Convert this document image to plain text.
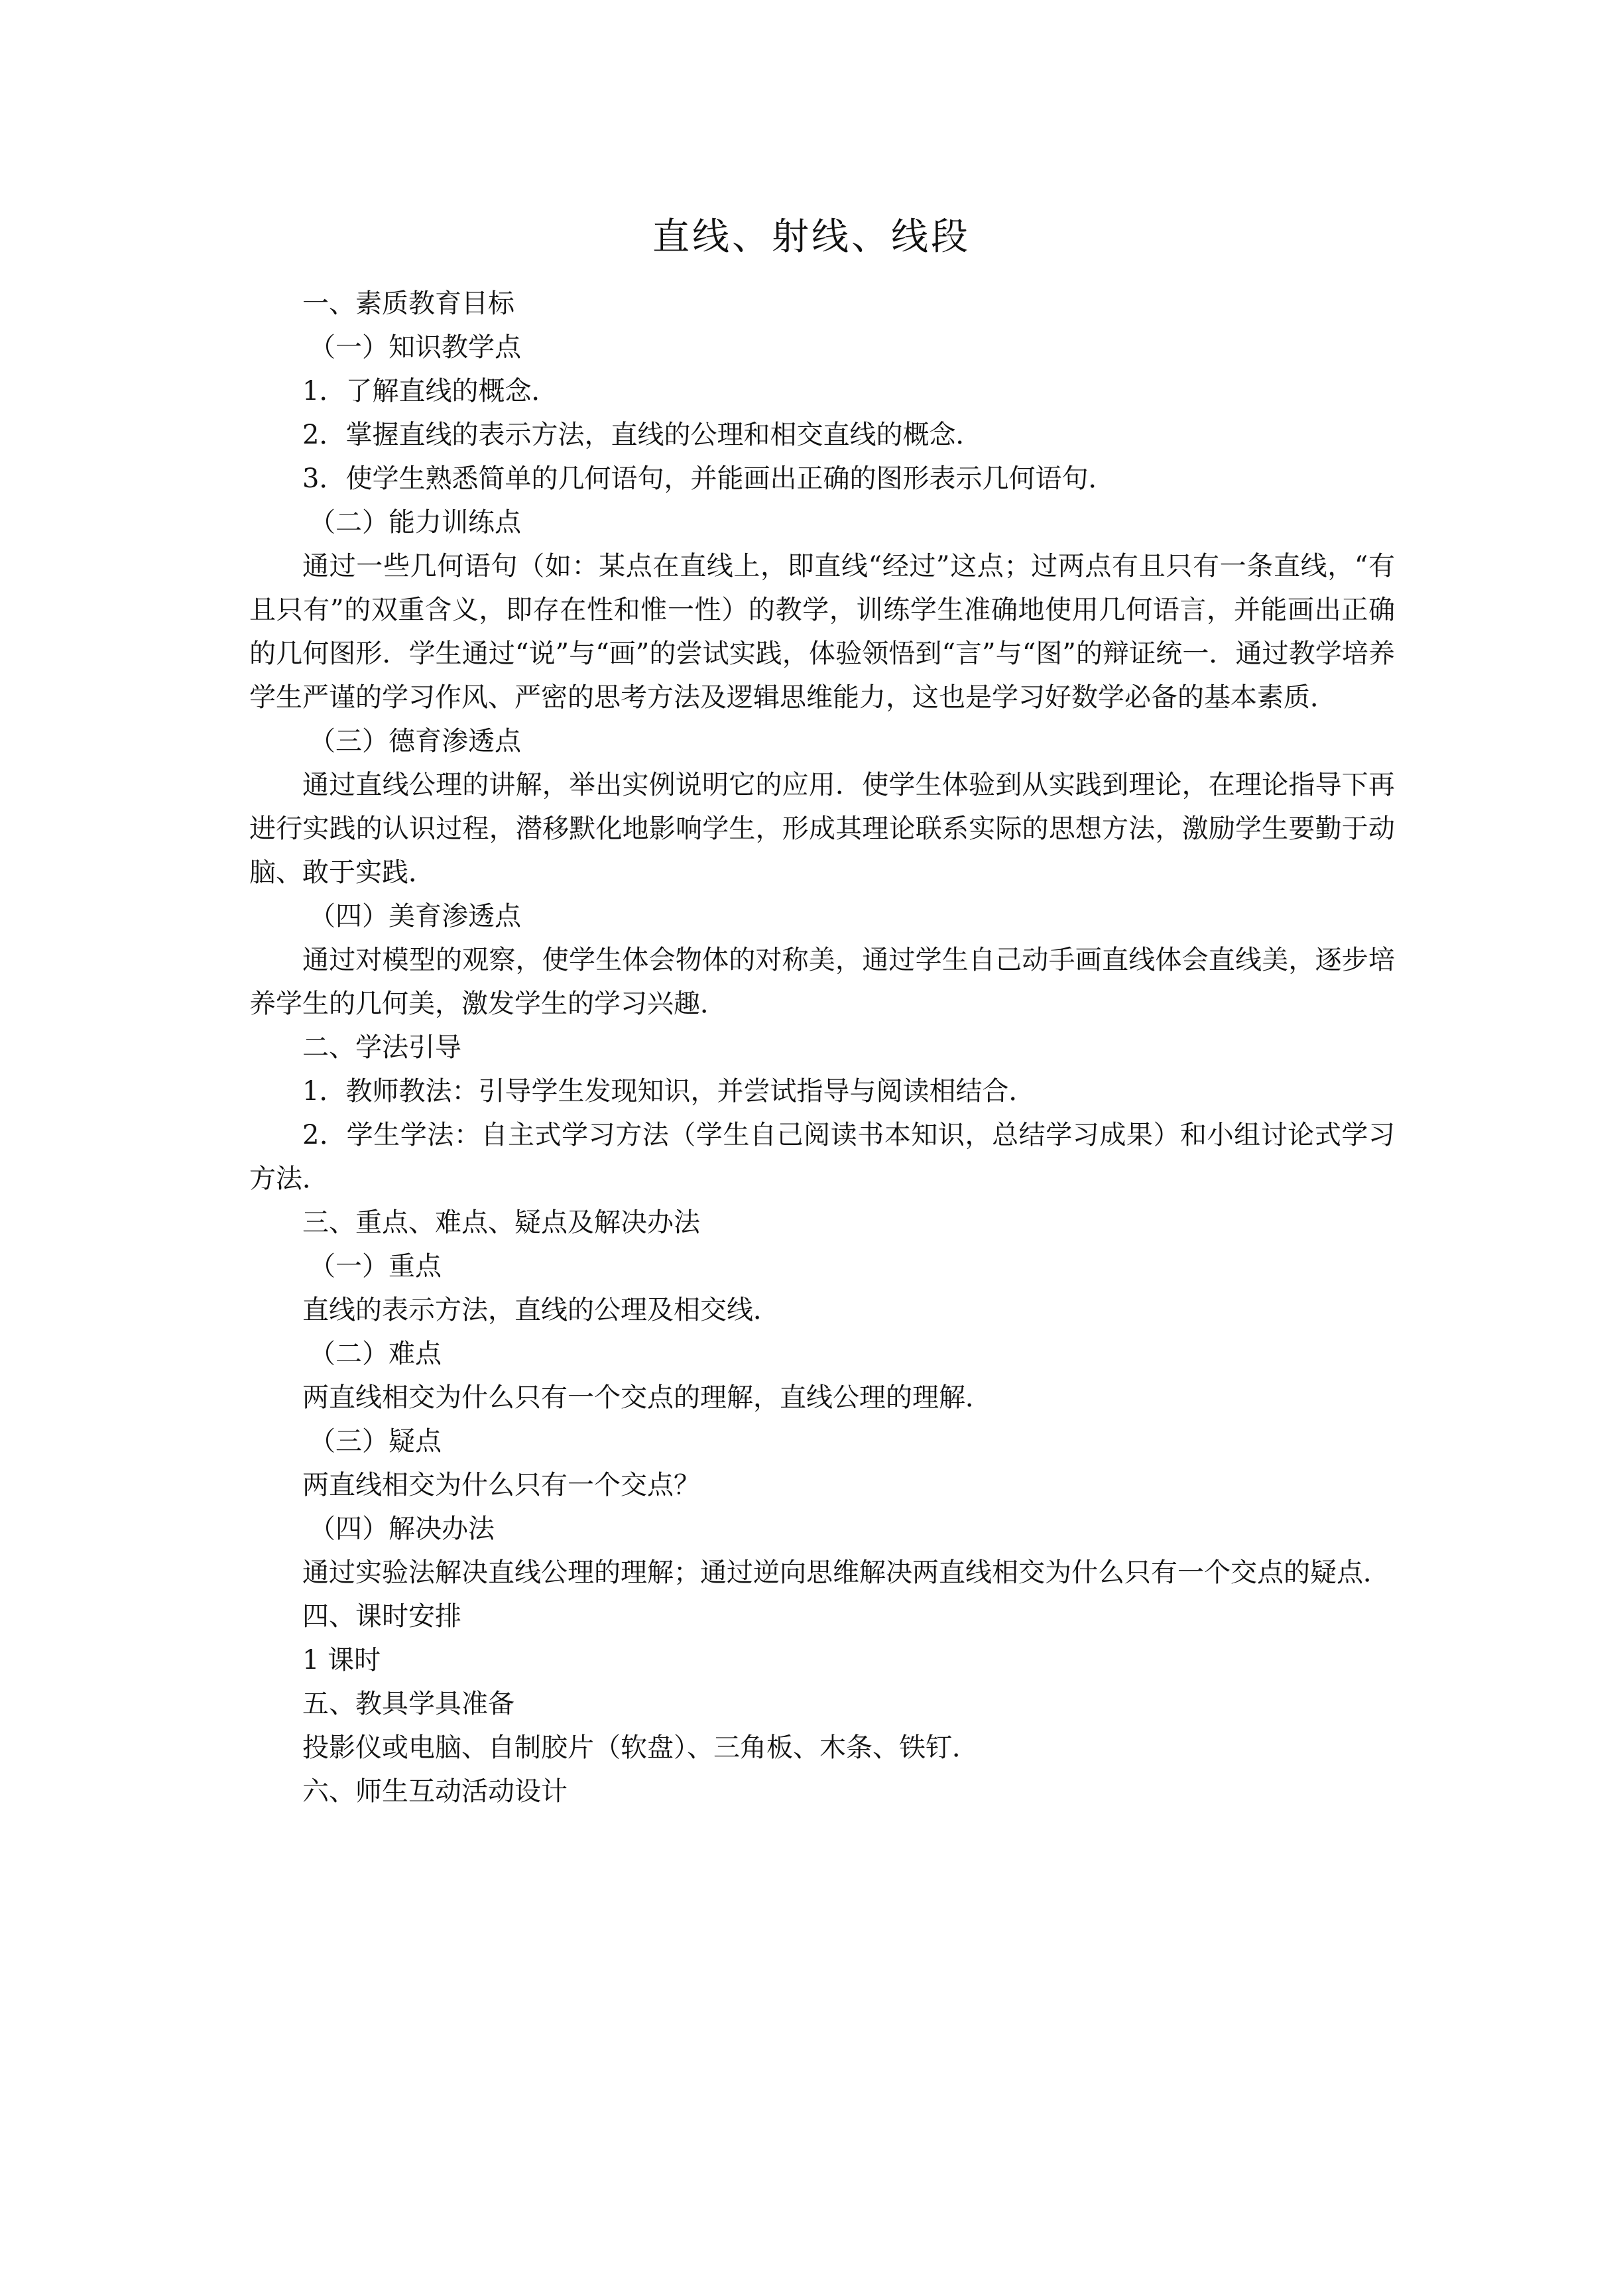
直线、射线、线段
一、素质教育目标
（一）知识教学点
1．了解直线的概念．
2．掌握直线的表示方法，直线的公理和相交直线的概念．
3．使学生熟悉简单的几何语句，并能画出正确的图形表示几何语句．
（二）能力训练点
通过一些几何语句（如：某点在直线上，即直线“经过”这点；过两点有且只有一条直线，“有且只有”的双重含义，即存在性和惟一性）的教学，训练学生准确地使用几何语言，并能画出正确的几何图形．学生通过“说”与“画”的尝试实践，体验领悟到“言”与“图”的辩证统一．通过教学培养学生严谨的学习作风、严密的思考方法及逻辑思维能力，这也是学习好数学必备的基本素质．
（三）德育渗透点
通过直线公理的讲解，举出实例说明它的应用．使学生体验到从实践到理论，在理论指导下再进行实践的认识过程，潜移默化地影响学生，形成其理论联系实际的思想方法，激励学生要勤于动脑、敢于实践．
（四）美育渗透点
通过对模型的观察，使学生体会物体的对称美，通过学生自己动手画直线体会直线美，逐步培养学生的几何美，激发学生的学习兴趣．
二、学法引导
1．教师教法：引导学生发现知识，并尝试指导与阅读相结合．
2．学生学法：自主式学习方法（学生自己阅读书本知识，总结学习成果）和小组讨论式学习方法．
三、重点、难点、疑点及解决办法
（一）重点
直线的表示方法，直线的公理及相交线．
（二）难点
两直线相交为什么只有一个交点的理解，直线公理的理解．
（三）疑点
两直线相交为什么只有一个交点？
（四）解决办法
通过实验法解决直线公理的理解；通过逆向思维解决两直线相交为什么只有一个交点的疑点．
四、课时安排
1 课时
五、教具学具准备
投影仪或电脑、自制胶片（软盘）、三角板、木条、铁钉．
六、师生互动活动设计
